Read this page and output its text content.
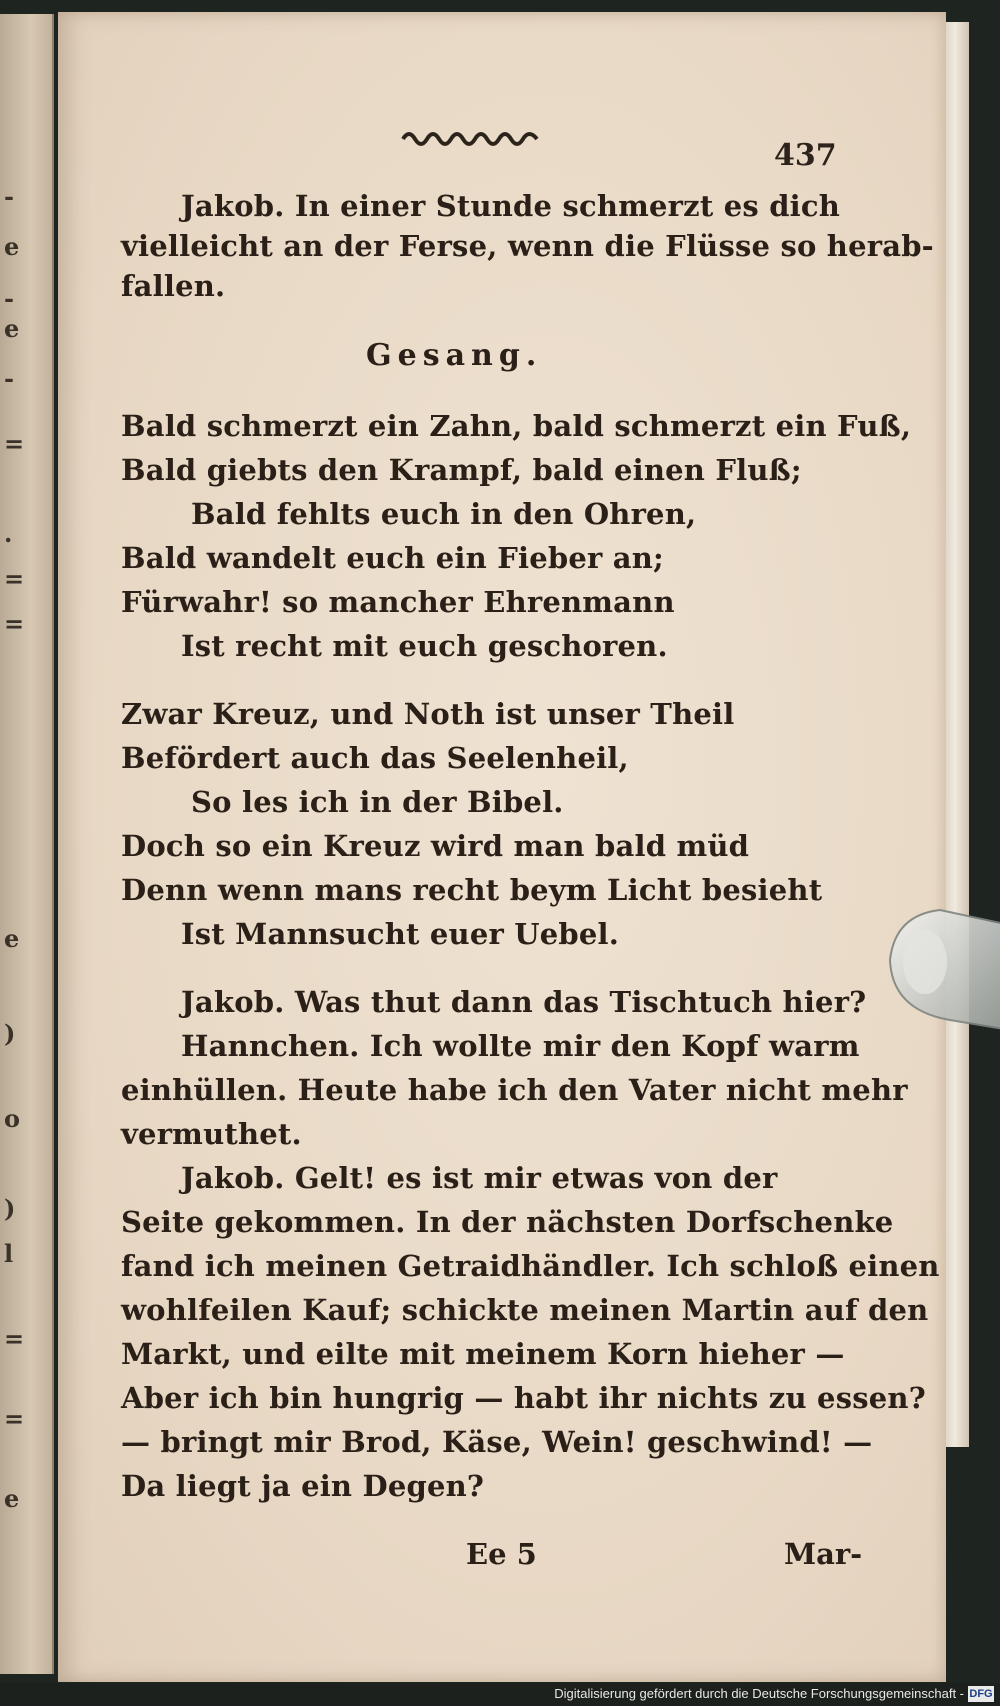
-
e
-
e
-
=
.
=
=
e
)
o
)
l
=
=
e
437
Jakob. In einer Stunde schmerzt es dich
vielleicht an der Ferse, wenn die Flüsse so herab-
fallen.
Gesang.
Bald schmerzt ein Zahn, bald schmerzt ein Fuß,
Bald giebts den Krampf, bald einen Fluß;
Bald fehlts euch in den Ohren,
Bald wandelt euch ein Fieber an;
Fürwahr! so mancher Ehrenmann
Ist recht mit euch geschoren.
Zwar Kreuz, und Noth ist unser Theil
Befördert auch das Seelenheil,
So les ich in der Bibel.
Doch so ein Kreuz wird man bald müd
Denn wenn mans recht beym Licht besieht
Ist Mannsucht euer Uebel.
Jakob. Was thut dann das Tischtuch hier?
Hannchen. Ich wollte mir den Kopf warm
einhüllen. Heute habe ich den Vater nicht mehr
vermuthet.
Jakob. Gelt! es ist mir etwas von der
Seite gekommen. In der nächsten Dorfschenke
fand ich meinen Getraidhändler. Ich schloß einen
wohlfeilen Kauf; schickte meinen Martin auf den
Markt, und eilte mit meinem Korn hieher —
Aber ich bin hungrig — habt ihr nichts zu essen?
— bringt mir Brod, Käse, Wein! geschwind! —
Da liegt ja ein Degen?
Ee 5	Mar-
Digitalisierung gefördert durch die Deutsche Forschungsgemeinschaft - DFG
